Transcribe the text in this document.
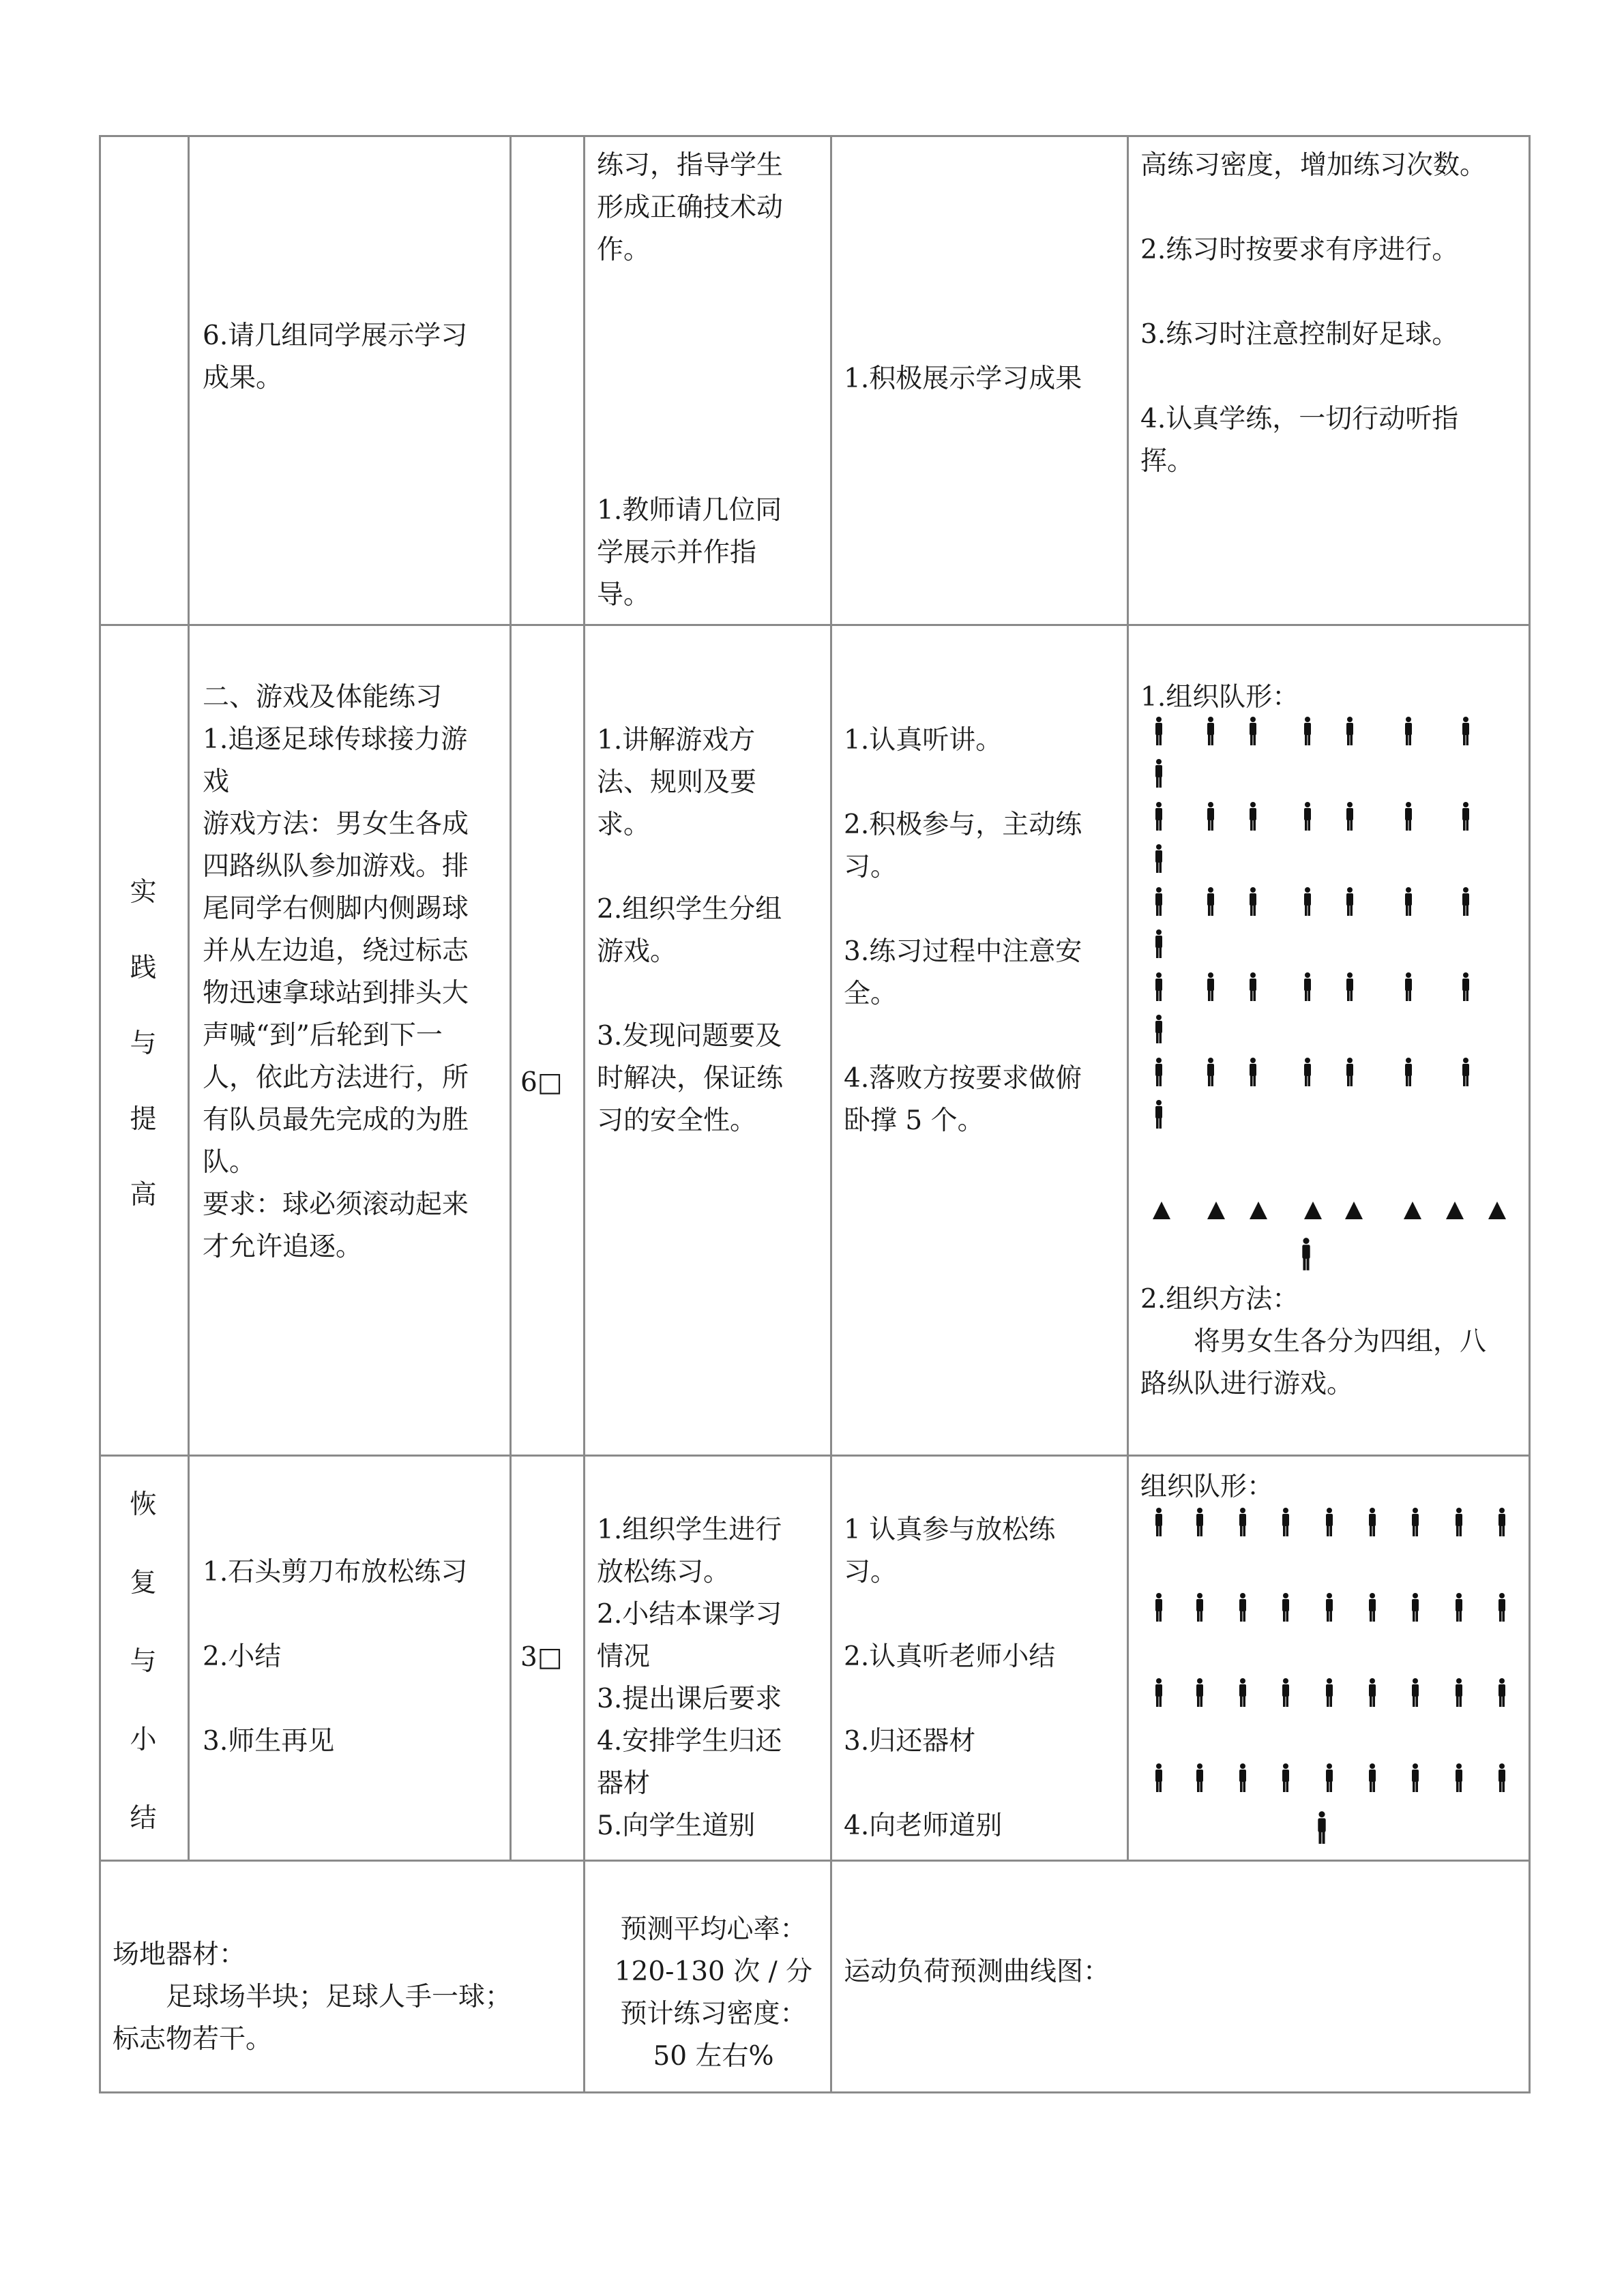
6.请几组同学展示学习
成果。
练习，指导学生
形成正确技术动
作。
1.教师请几位同
学展示并作指
导。
1.积极展示学习成果
高练习密度，增加练习次数。

2.练习时按要求有序进行。

3.练习时注意控制好足球。

4.认真学练，一切行动听指
挥。
实
践
与
提
高
二、游戏及体能练习
1.追逐足球传球接力游
戏
游戏方法：男女生各成
四路纵队参加游戏。排
尾同学右侧脚内侧踢球
并从左边追，绕过标志
物迅速拿球站到排头大
声喊“到”后轮到下一
人，依此方法进行，所
有队员最先完成的为胜
队。
要求：球必须滚动起来
才允许追逐。
6□
1.讲解游戏方
法、规则及要
求。

2.组织学生分组
游戏。

3.发现问题要及
时解决，保证练
习的安全性。
1.认真听讲。

2.积极参与，主动练
习。

3.练习过程中注意安
全。

4.落败方按要求做俯
卧撑 5 个。
1.组织队形：
2.组织方法：
　　将男女生各分为四组，八
路纵队进行游戏。
恢
复
与
小
结
1.石头剪刀布放松练习

2.小结

3.师生再见
3□
1.组织学生进行
放松练习。
2.小结本课学习
情况
3.提出课后要求
4.安排学生归还
器材
5.向学生道别
1 认真参与放松练
习。

2.认真听老师小结

3.归还器材

4.向老师道别
组织队形：
场地器材：
　　足球场半块；足球人手一球；
标志物若干。
预测平均心率：
120-130 次 / 分
预计练习密度：
50 左右%
运动负荷预测曲线图：
